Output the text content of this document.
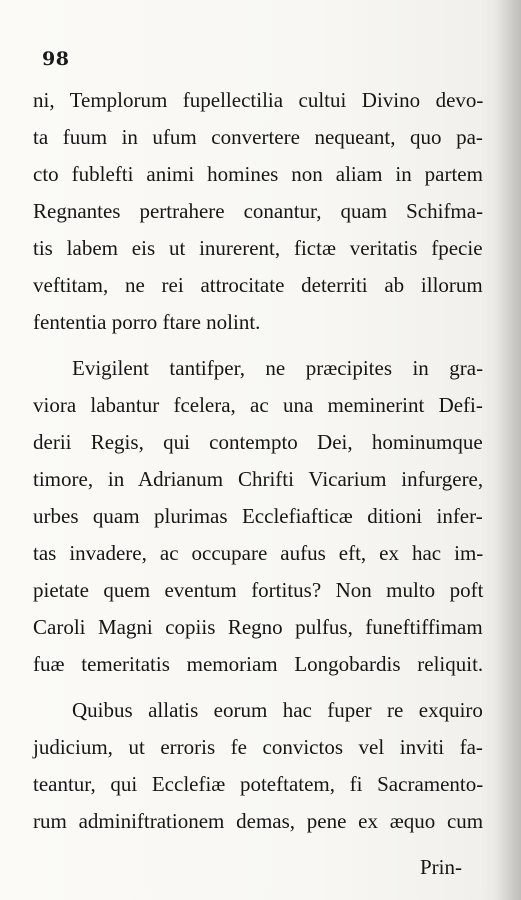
98
ni, Templorum fupellectilia cultui Divino devo-
ta fuum in ufum convertere nequeant, quo pa-
cto fublefti animi homines non aliam in partem
Regnantes pertrahere conantur, quam Schifma-
tis labem eis ut inurerent, fictæ veritatis fpecie
veftitam, ne rei attrocitate deterriti ab illorum
fententia porro ftare nolint.
Evigilent tantifper, ne præcipites in gra-
viora labantur fcelera, ac una meminerint Defi-
derii Regis, qui contempto Dei, hominumque
timore, in Adrianum Chrifti Vicarium infurgere,
urbes quam plurimas Ecclefiafticæ ditioni infer-
tas invadere, ac occupare aufus eft, ex hac im-
pietate quem eventum fortitus? Non multo poft
Caroli Magni copiis Regno pulfus, funeftiffimam
fuæ temeritatis memoriam Longobardis reliquit.
Quibus allatis eorum hac fuper re exquiro
judicium, ut erroris fe convictos vel inviti fa-
teantur, qui Ecclefiæ poteftatem, fi Sacramento-
rum adminiftrationem demas, pene ex æquo cum
Prin-
